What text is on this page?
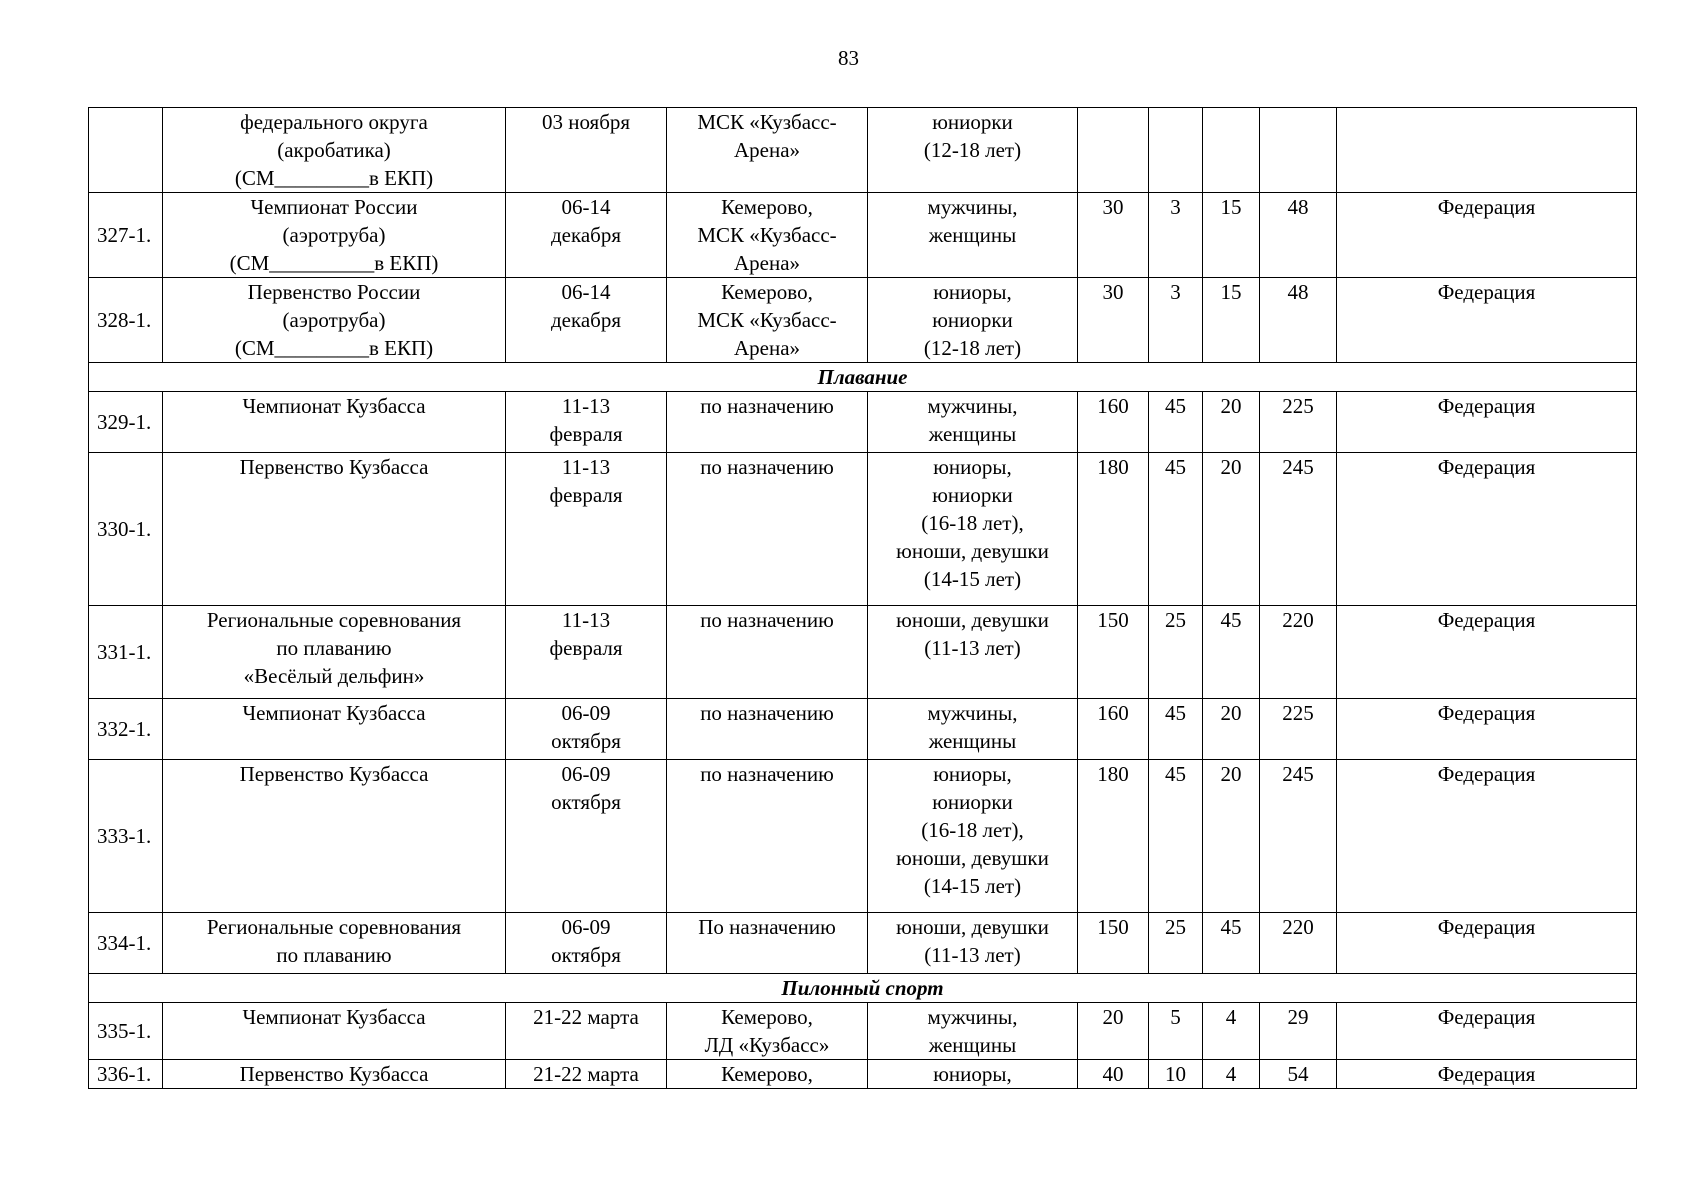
83

	федерального округа
(акробатика)
(СМ_________в ЕКП)	03 ноября	МСК «Кузбасс-
Арена»	юниорки
(12-18 лет)					

327-1.	Чемпионат России
(аэротруба)
(СМ__________в ЕКП)	06-14
декабря	Кемерово,
МСК «Кузбасс-
Арена»	мужчины,
женщины	30	3	15	48	Федерация
328-1.	Первенство России
(аэротруба)
(СМ_________в ЕКП)	06-14
декабря	Кемерово,
МСК «Кузбасс-
Арена»	юниоры,
юниорки
(12-18 лет)	30	3	15	48	Федерация
Плавание									
329-1.	Чемпионат Кузбасса	11-13
февраля	по назначению	мужчины,
женщины	160	45	20	225	Федерация
330-1.	Первенство Кузбасса	11-13
февраля	по назначению	юниоры,
юниорки
(16-18 лет),
юноши, девушки
(14-15 лет)	180	45	20	245	Федерация
331-1.	Региональные соревнования
по плаванию
«Весёлый дельфин»	11-13
февраля	по назначению	юноши, девушки
(11-13 лет)	150	25	45	220	Федерация
332-1.	Чемпионат Кузбасса	06-09
октября	по назначению	мужчины,
женщины	160	45	20	225	Федерация
333-1.	Первенство Кузбасса	06-09
октября	по назначению	юниоры,
юниорки
(16-18 лет),
юноши, девушки
(14-15 лет)	180	45	20	245	Федерация
334-1.	Региональные соревнования
по плаванию	06-09
октября	По назначению	юноши, девушки
(11-13 лет)	150	25	45	220	Федерация
Пилонный спорт									
335-1.	Чемпионат Кузбасса	21-22 марта	Кемерово,
ЛД «Кузбасс»	мужчины,
женщины	20	5	4	29	Федерация
336-1.	Первенство Кузбасса	21-22 марта	Кемерово,	юниоры,	40	10	4	54	Федерация
